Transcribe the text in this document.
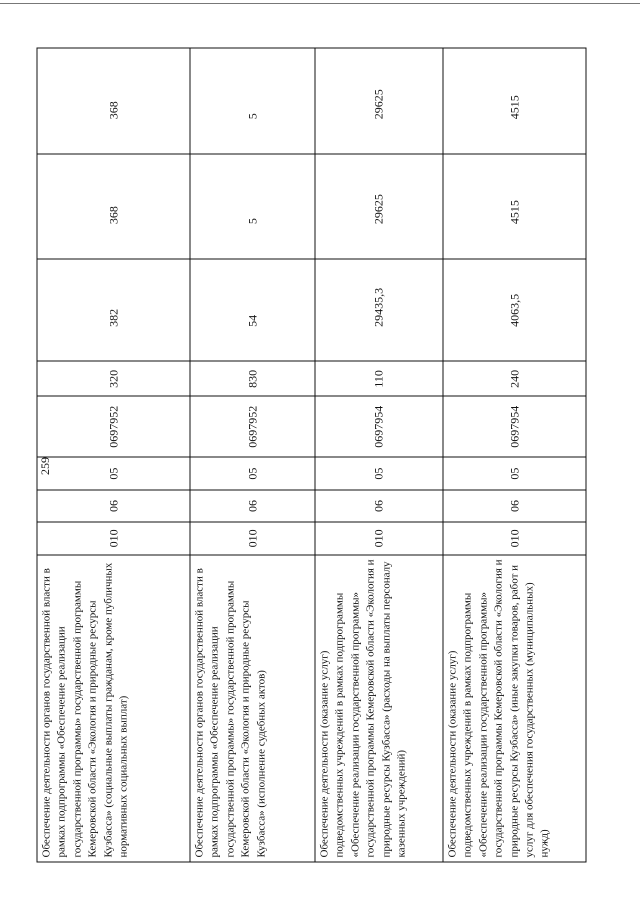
259
Обеспечение деятельности органов государственной власти в рамках подпрограммы «Обеспечение реализации государственной программы» государственной программы Кемеровской области «Экология и природные ресурсы Кузбасса» (социальные выплаты гражданам, кроме публичных нормативных социальных выплат)
010
06
05
0697952
320
382
368
368
Обеспечение деятельности органов государственной власти в рамках подпрограммы «Обеспечение реализации государственной программы» государственной программы Кемеровской области «Экология и природные ресурсы Кузбасса» (исполнение судебных актов)
010
06
05
0697952
830
54
5
5
Обеспечение деятельности (оказание услуг) подведомственных учреждений в рамках подпрограммы «Обеспечение реализации государственной программы» государственной программы Кемеровской области «Экология и природные ресурсы Кузбасса» (расходы на выплаты персоналу казенных учреждений)
010
06
05
0697954
110
29435,3
29625
29625
Обеспечение деятельности (оказание услуг) подведомственных учреждений в рамках подпрограммы «Обеспечение реализации государственной программы» государственной программы Кемеровской области «Экология и природные ресурсы Кузбасса» (иные закупки товаров, работ и услуг для обеспечения государственных (муниципальных) нужд)
010
06
05
0697954
240
4063,5
4515
4515
